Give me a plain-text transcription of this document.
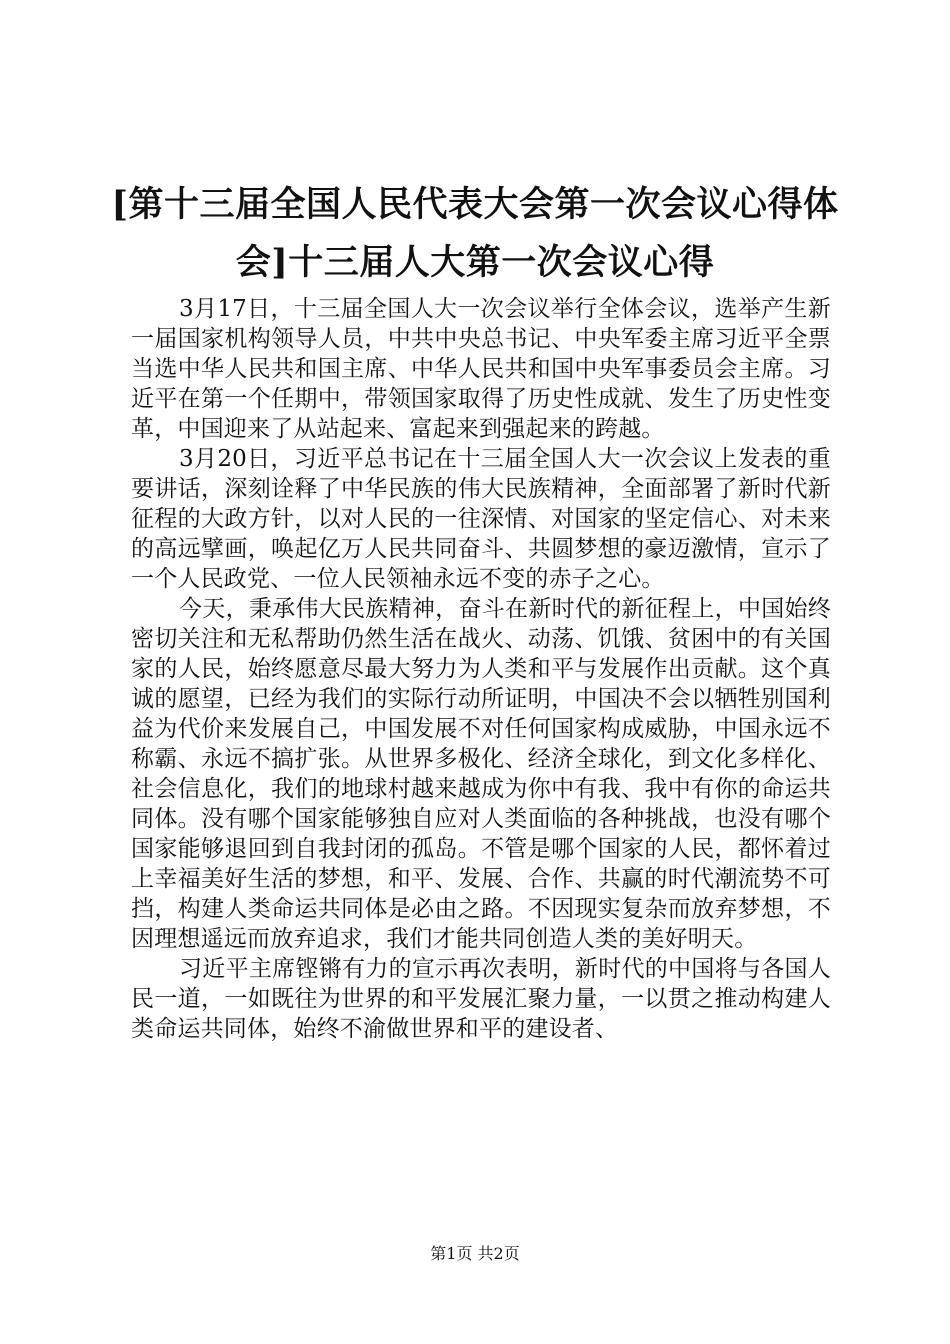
[第十三届全国人民代表大会第一次会议心得体会]十三届人大第一次会议心得

3月17日，十三届全国人大一次会议举行全体会议，选举产生新一届国家机构领导人员，中共中央总书记、中央军委主席习近平全票当选中华人民共和国主席、中华人民共和国中央军事委员会主席。习近平在第一个任期中，带领国家取得了历史性成就、发生了历史性变革，中国迎来了从站起来、富起来到强起来的跨越。

3月20日，习近平总书记在十三届全国人大一次会议上发表的重要讲话，深刻诠释了中华民族的伟大民族精神，全面部署了新时代新征程的大政方针，以对人民的一往深情、对国家的坚定信心、对未来的高远擘画，唤起亿万人民共同奋斗、共圆梦想的豪迈激情，宣示了一个人民政党、一位人民领袖永远不变的赤子之心。

今天，秉承伟大民族精神，奋斗在新时代的新征程上，中国始终密切关注和无私帮助仍然生活在战火、动荡、饥饿、贫困中的有关国家的人民，始终愿意尽最大努力为人类和平与发展作出贡献。这个真诚的愿望，已经为我们的实际行动所证明，中国决不会以牺牲别国利益为代价来发展自己，中国发展不对任何国家构成威胁，中国永远不称霸、永远不搞扩张。从世界多极化、经济全球化，到文化多样化、社会信息化，我们的地球村越来越成为你中有我、我中有你的命运共同体。没有哪个国家能够独自应对人类面临的各种挑战，也没有哪个国家能够退回到自我封闭的孤岛。不管是哪个国家的人民，都怀着过上幸福美好生活的梦想，和平、发展、合作、共赢的时代潮流势不可挡，构建人类命运共同体是必由之路。不因现实复杂而放弃梦想，不因理想遥远而放弃追求，我们才能共同创造人类的美好明天。

习近平主席铿锵有力的宣示再次表明，新时代的中国将与各国人民一道，一如既往为世界的和平发展汇聚力量，一以贯之推动构建人类命运共同体，始终不渝做世界和平的建设者、

第1页 共2页
